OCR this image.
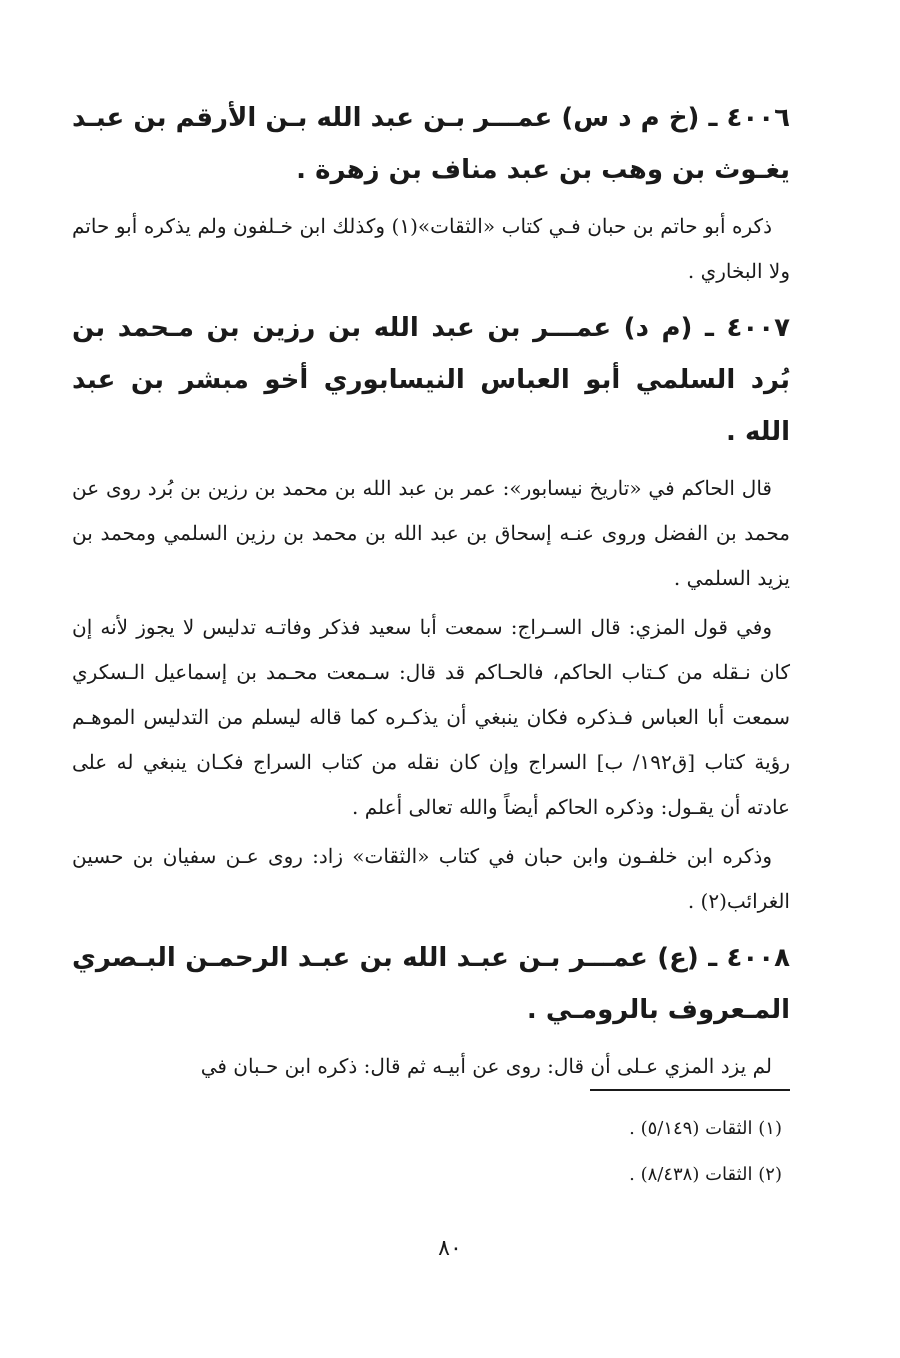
٤٠٠٦ ـ (خ م د س) عمـــر بـن عبد الله بـن الأرقم بن عبـد يغـوث بن وهب بن عبد مناف بن زهرة .

ذكره أبو حاتم بن حبان فـي كتاب «الثقات»(١) وكذلك ابن خـلفون ولم يذكره أبو حاتم ولا البخاري .

٤٠٠٧ ـ (م د) عمـــر بن عبد الله بن رزين بن مـحمد بن بُرد السلمي أبو العباس النيسابوري أخو مبشر بن عبد الله .

قال الحاكم في «تاريخ نيسابور»: عمر بن عبد الله بن محمد بن رزين بن بُرد روى عن محمد بن الفضل وروى عنـه إسحاق بن عبد الله بن محمد بن رزين السلمي ومحمد بن يزيد السلمي .

وفي قول المزي: قال السـراج: سمعت أبا سعيد فذكر وفاتـه تدليس لا يجوز لأنه إن كان نـقله من كـتاب الحاكم، فالحـاكم قد قال: سـمعت محـمد بن إسماعيل الـسكري سمعت أبا العباس فـذكره فكان ينبغي أن يذكـره كما قاله ليسلم من التدليس الموهـم رؤية كتاب [ق١٩٢/ ب] السراج وإن كان نقله من كتاب السراج فكـان ينبغي له على عادته أن يقـول: وذكره الحاكم أيضاً والله تعالى أعلم .

وذكره ابن خلفـون وابن حبان في كتاب «الثقات» زاد: روى عـن سفيان بن حسين الغرائب(٢) .

٤٠٠٨ ـ (ع) عمـــر بـن عبـد الله بن عبـد الرحمـن البـصري المـعروف بالرومـي .

لم يزد المزي عـلى أن قال: روى عن أبيـه ثم قال: ذكره ابن حـبان في

(١) الثقات (٥/١٤٩) .
(٢) الثقات (٨/٤٣٨) .
٨٠
